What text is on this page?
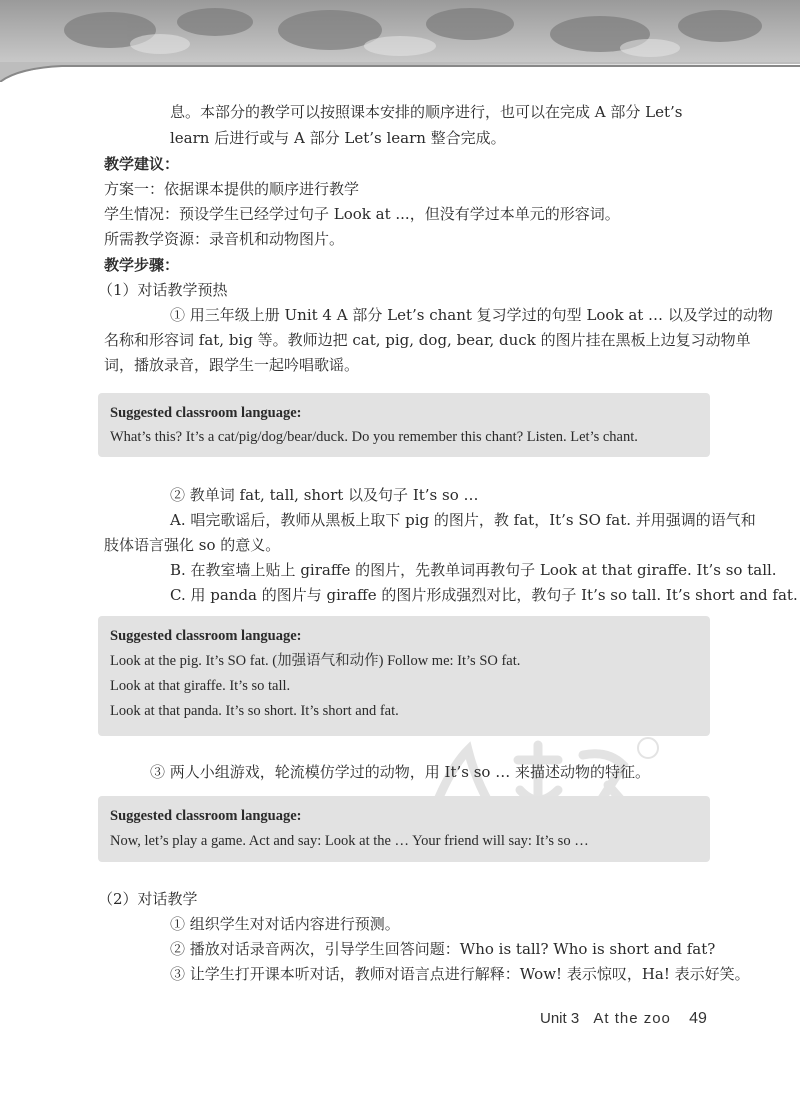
息。本部分的教学可以按照课本安排的顺序进行，也可以在完成 A 部分 Let’s
learn 后进行或与 A 部分 Let’s learn 整合完成。
教学建议：
方案一：依据课本提供的顺序进行教学
学生情况：预设学生已经学过句子 Look at ...，但没有学过本单元的形容词。
所需教学资源：录音机和动物图片。
教学步骤：
（1）对话教学预热
① 用三年级上册 Unit 4 A 部分 Let’s chant 复习学过的句型 Look at … 以及学过的动物
名称和形容词 fat, big 等。教师边把 cat, pig, dog, bear, duck 的图片挂在黑板上边复习动物单
词，播放录音，跟学生一起吟唱歌谣。
Suggested classroom language:
What’s this? It’s a cat/pig/dog/bear/duck. Do you remember this chant? Listen. Let’s chant.
② 教单词 fat, tall, short 以及句子 It’s so …
A. 唱完歌谣后，教师从黑板上取下 pig 的图片，教 fat，It’s SO fat. 并用强调的语气和
肢体语言强化 so 的意义。
B. 在教室墙上贴上 giraffe 的图片，先教单词再教句子 Look at that giraffe. It’s so tall.
C. 用 panda 的图片与 giraffe 的图片形成强烈对比，教句子 It’s so tall. It’s short and fat.
Suggested classroom language:
Look at the pig. It’s SO fat. (加强语气和动作) Follow me: It’s SO fat.
Look at that giraffe. It’s so tall.
Look at that panda. It’s so short. It’s short and fat.
③ 两人小组游戏，轮流模仿学过的动物，用 It’s so … 来描述动物的特征。
Suggested classroom language:
Now, let’s play a game. Act and say: Look at the … Your friend will say: It’s so …
（2）对话教学
① 组织学生对对话内容进行预测。
② 播放对话录音两次，引导学生回答问题：Who is tall? Who is short and fat?
③ 让学生打开课本听对话，教师对语言点进行解释：Wow! 表示惊叹，Ha! 表示好笑。
Unit 3 At the zoo 49
